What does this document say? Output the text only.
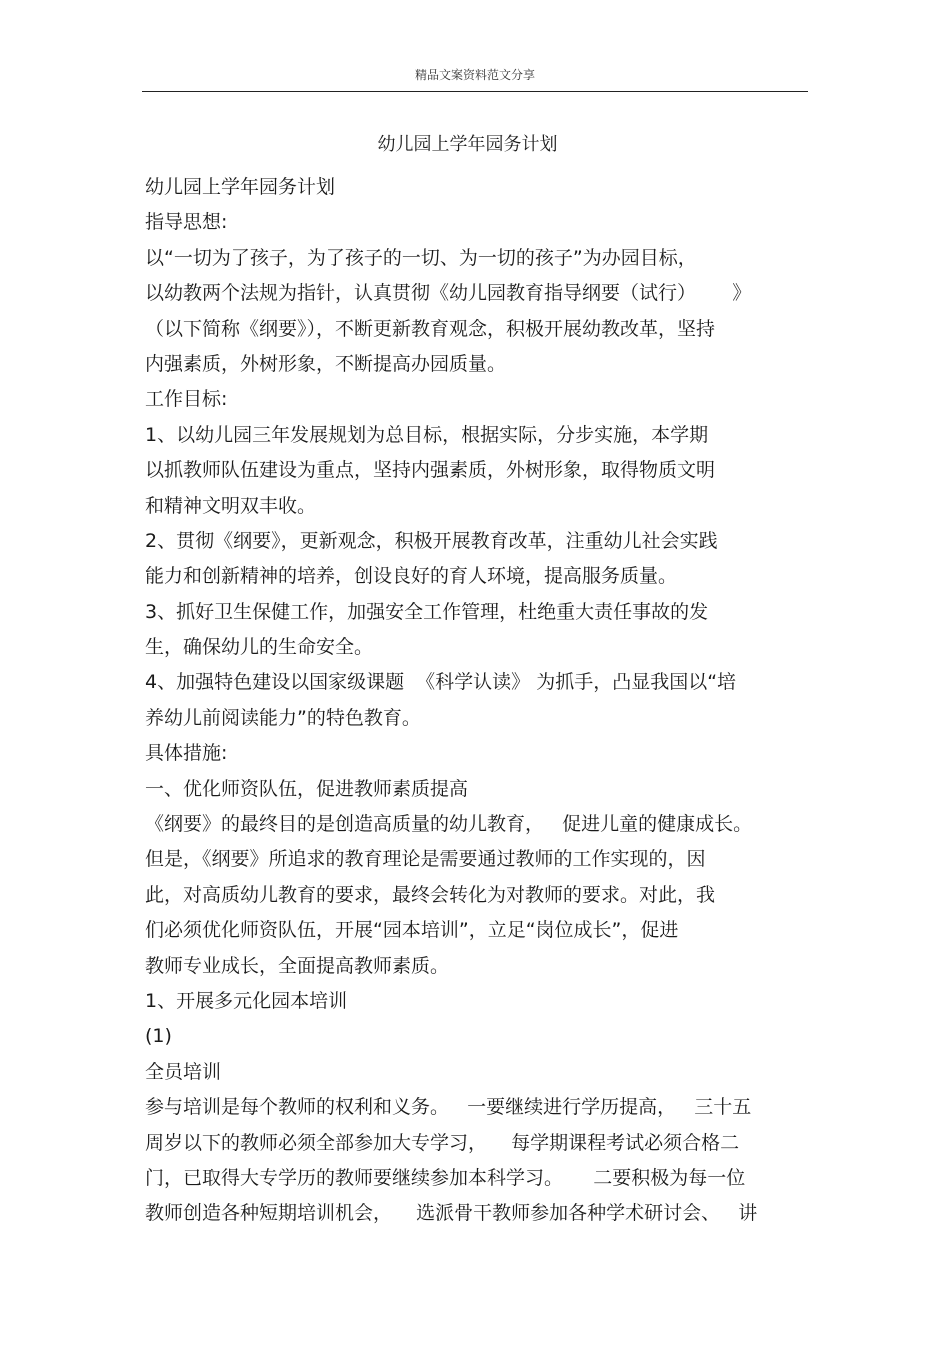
精品文案资料范文分享
幼儿园上学年园务计划
幼儿园上学年园务计划
指导思想:
以“一切为了孩子，为了孩子的一切、为一切的孩子”为办园目标，
以幼教两个法规为指针，认真贯彻《幼儿园教育指导纲要（试行）      》
（以下简称《纲要》），不断更新教育观念，积极开展幼教改革，坚持
内强素质，外树形象，不断提高办园质量。
工作目标:
1、以幼儿园三年发展规划为总目标，根据实际，分步实施，本学期
以抓教师队伍建设为重点，坚持内强素质，外树形象，取得物质文明
和精神文明双丰收。
2、贯彻《纲要》，更新观念，积极开展教育改革，注重幼儿社会实践
能力和创新精神的培养，创设良好的育人环境，提高服务质量。
3、抓好卫生保健工作，加强安全工作管理，杜绝重大责任事故的发
生，确保幼儿的生命安全。
4、加强特色建设以国家级课题  《科学认读》 为抓手，凸显我国以“培
养幼儿前阅读能力”的特色教育。
具体措施:
一、优化师资队伍，促进教师素质提高
《纲要》的最终目的是创造高质量的幼儿教育，   促进儿童的健康成长。
但是，《纲要》所追求的教育理论是需要通过教师的工作实现的，因
此，对高质幼儿教育的要求，最终会转化为对教师的要求。对此，我
们必须优化师资队伍，开展“园本培训”，立足“岗位成长”，促进
教师专业成长，全面提高教师素质。
1、开展多元化园本培训
(1)
全员培训
参与培训是每个教师的权利和义务。   一要继续进行学历提高，   三十五
周岁以下的教师必须全部参加大专学习，    每学期课程考试必须合格二
门，已取得大专学历的教师要继续参加本科学习。     二要积极为每一位
教师创造各种短期培训机会，    选派骨干教师参加各种学术研讨会、   讲
